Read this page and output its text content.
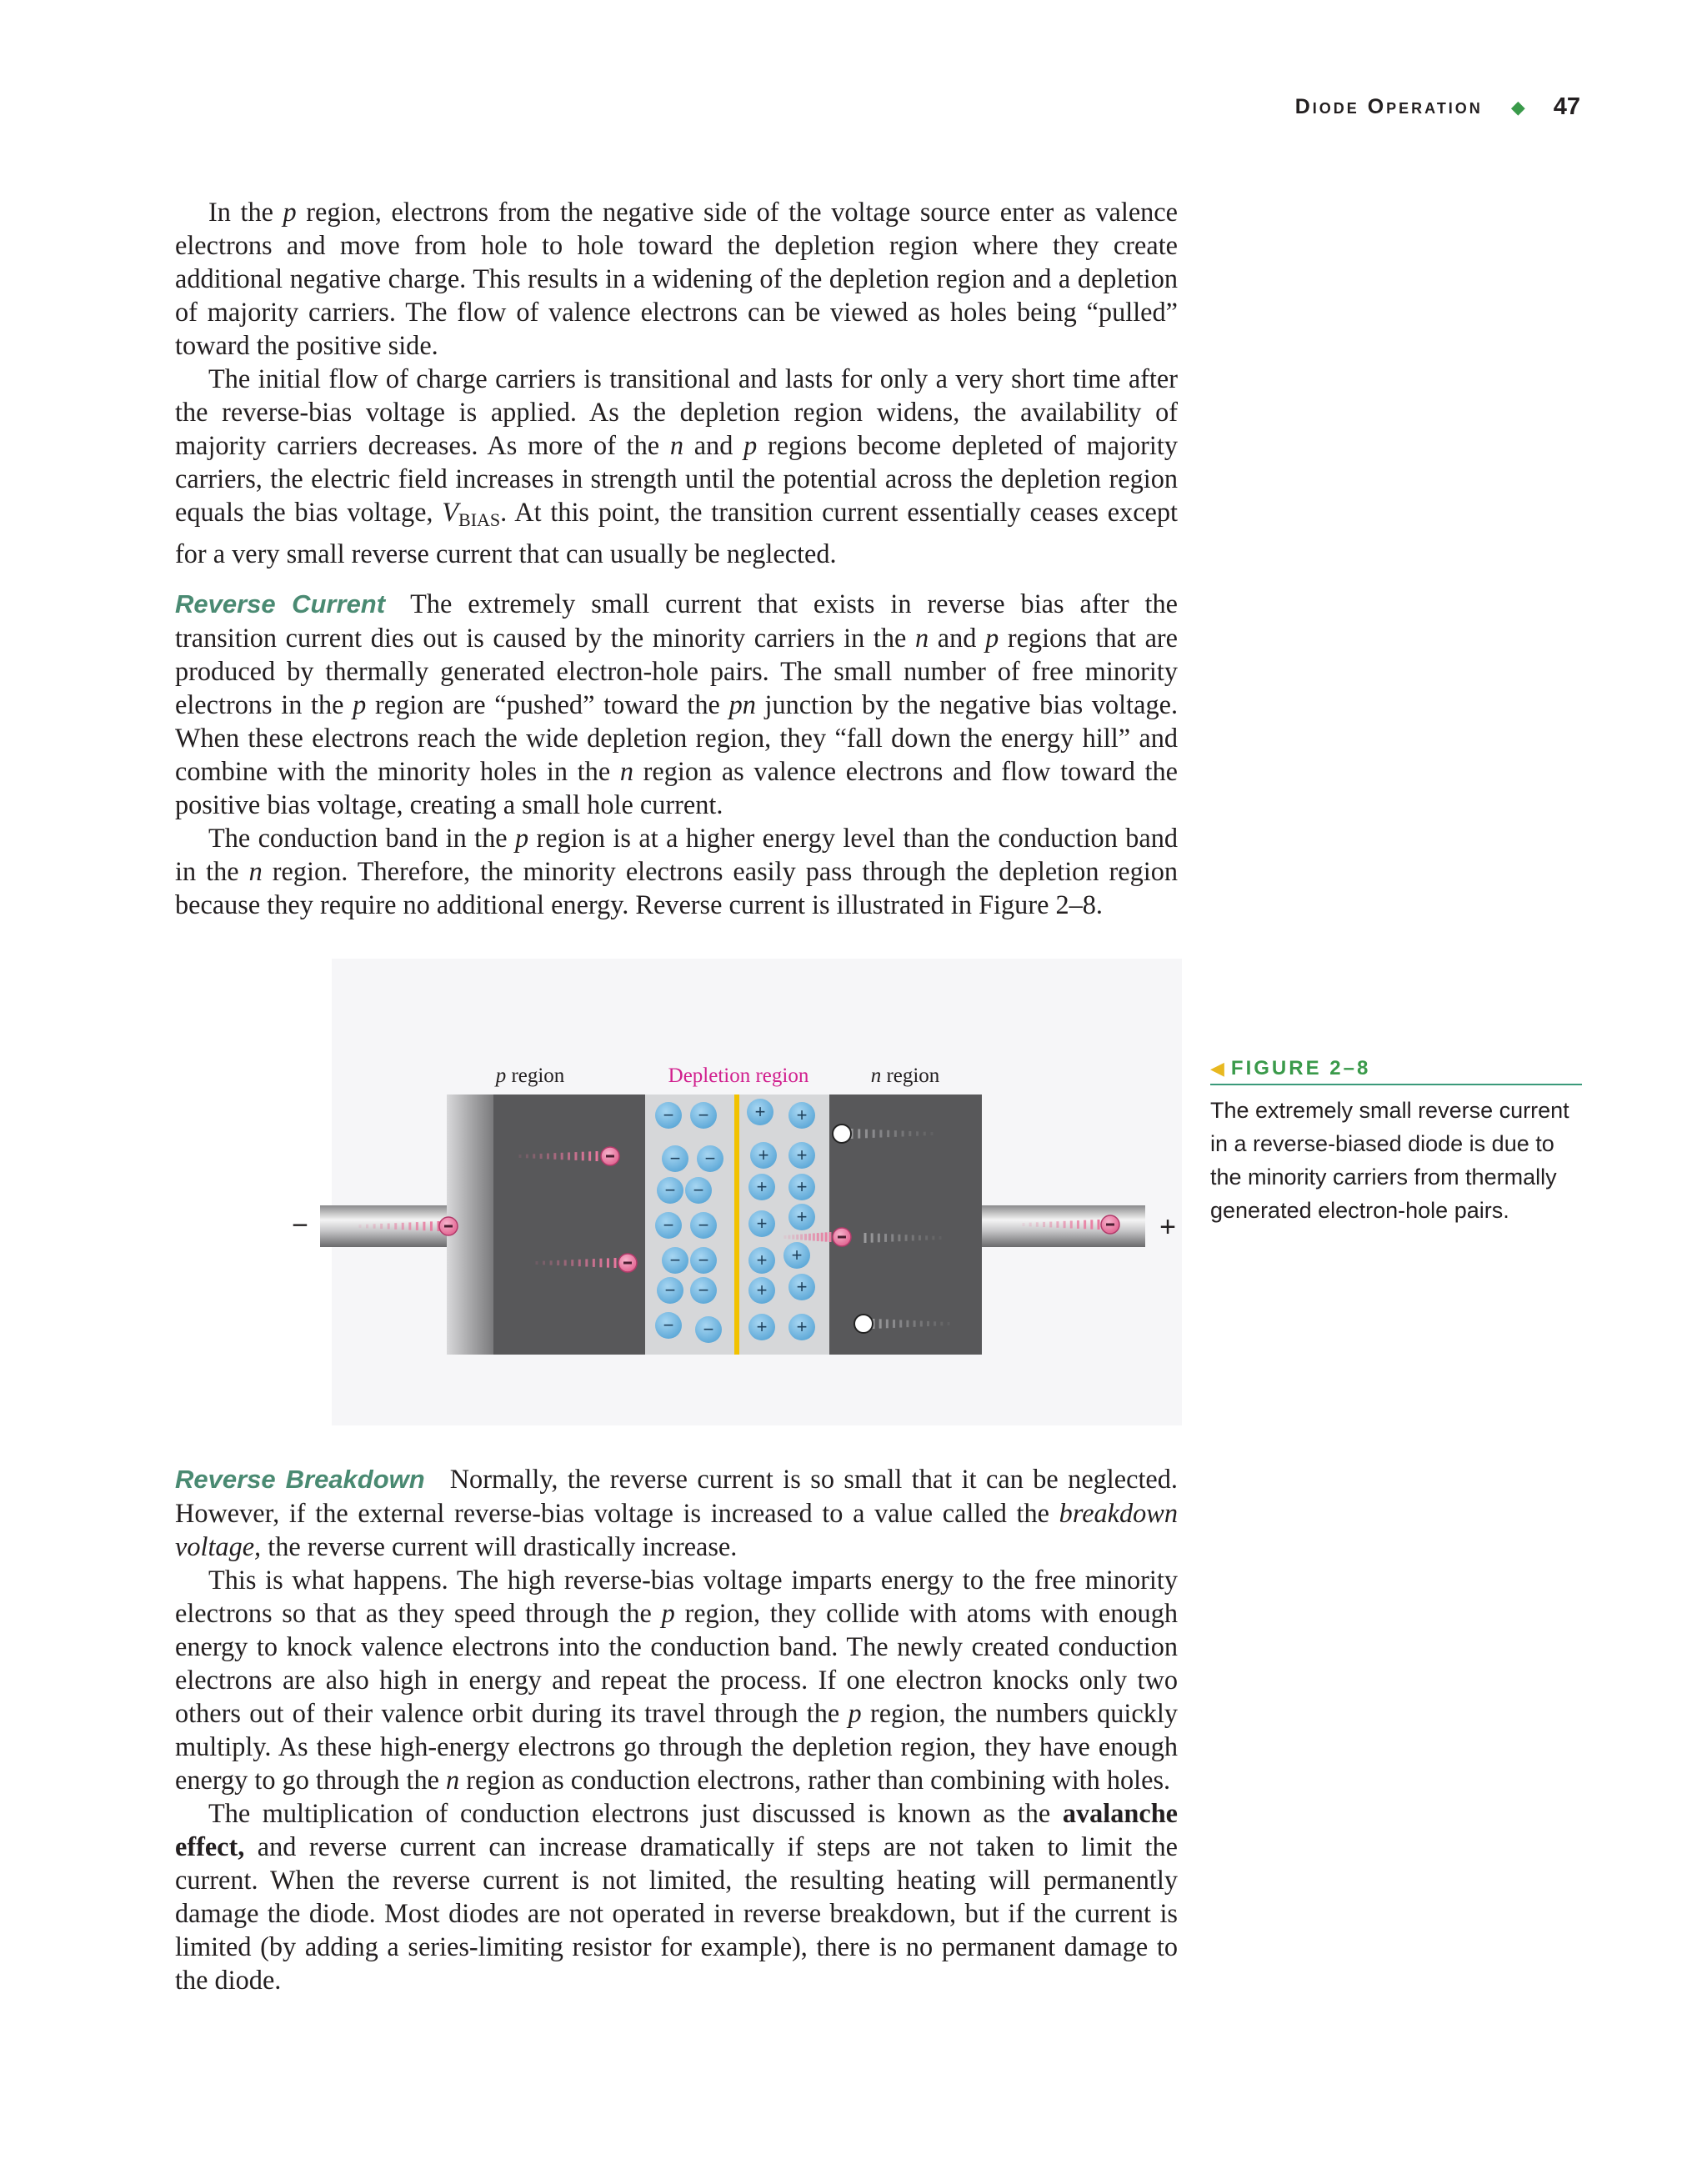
Diode Operation ◆ 47

In the p region, electrons from the negative side of the voltage source enter as valence electrons and move from hole to hole toward the depletion region where they create additional negative charge. This results in a widening of the depletion region and a depletion of majority carriers. The flow of valence electrons can be viewed as holes being “pulled” toward the positive side.

The initial flow of charge carriers is transitional and lasts for only a very short time after the reverse-bias voltage is applied. As the depletion region widens, the availability of majority carriers decreases. As more of the n and p regions become depleted of majority carriers, the electric field increases in strength until the potential across the depletion region equals the bias voltage, $V_{BIAS}$. At this point, the transition current essentially ceases except for a very small reverse current that can usually be neglected.

Reverse Current The extremely small current that exists in reverse bias after the transition current dies out is caused by the minority carriers in the n and p regions that are produced by thermally generated electron-hole pairs. The small number of free minority electrons in the p region are “pushed” toward the pn junction by the negative bias voltage. When these electrons reach the wide depletion region, they “fall down the energy hill” and combine with the minority holes in the n region as valence electrons and flow toward the positive bias voltage, creating a small hole current.

The conduction band in the p region is at a higher energy level than the conduction band in the n region. Therefore, the minority electrons easily pass through the depletion region because they require no additional energy. Reverse current is illustrated in Figure 2–8.

p region	Depletion region	n region
−	+
− −
− −
− −
− −
− −
− −
− −
+ +
+ +
+ +
+ +
+ +
+ +
+ +
◀ FIGURE 2–8
The extremely small reverse current in a reverse-biased diode is due to the minority carriers from thermally generated electron-hole pairs.

Reverse Breakdown Normally, the reverse current is so small that it can be neglected. However, if the external reverse-bias voltage is increased to a value called the breakdown voltage, the reverse current will drastically increase.

This is what happens. The high reverse-bias voltage imparts energy to the free minority electrons so that as they speed through the p region, they collide with atoms with enough energy to knock valence electrons into the conduction band. The newly created conduction electrons are also high in energy and repeat the process. If one electron knocks only two others out of their valence orbit during its travel through the p region, the numbers quickly multiply. As these high-energy electrons go through the depletion region, they have enough energy to go through the n region as conduction electrons, rather than combining with holes.

The multiplication of conduction electrons just discussed is known as the avalanche effect, and reverse current can increase dramatically if steps are not taken to limit the current. When the reverse current is not limited, the resulting heating will permanently damage the diode. Most diodes are not operated in reverse breakdown, but if the current is limited (by adding a series-limiting resistor for example), there is no permanent damage to the diode.
